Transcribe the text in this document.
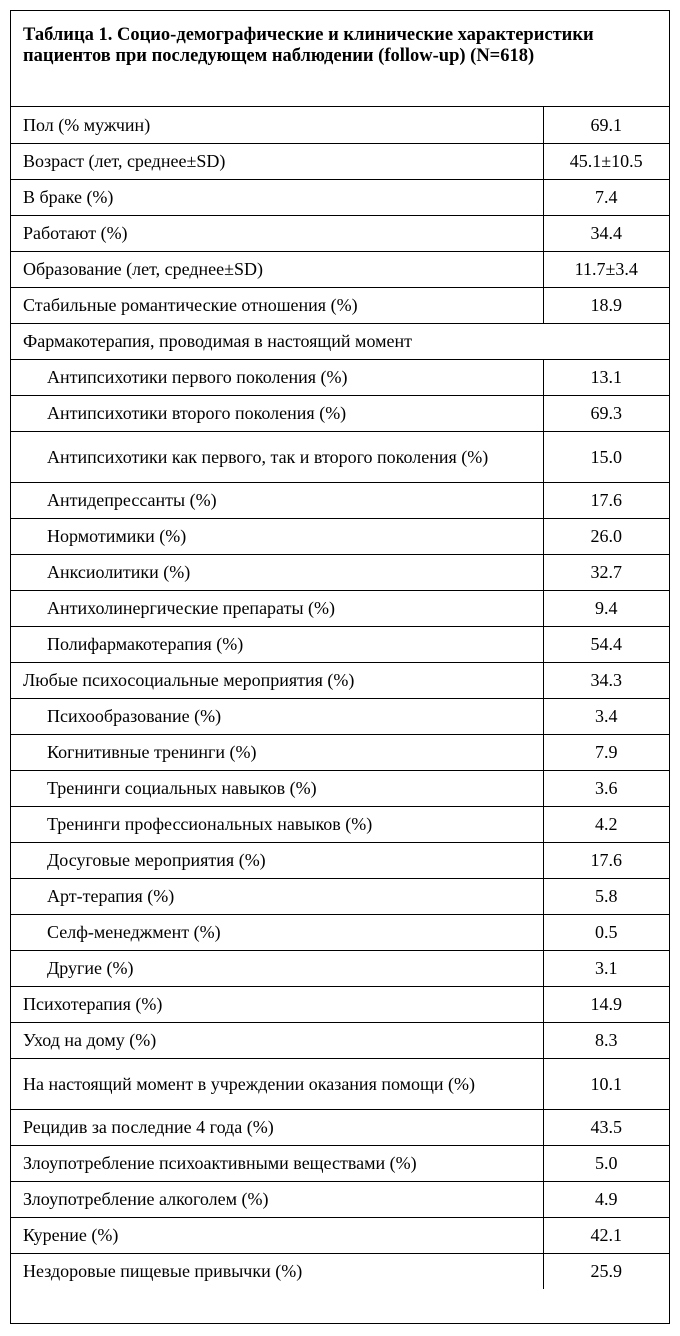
Таблица 1. Социо-демографические и клинические характеристики пациентов при последующем наблюдении (follow-up) (N=618)
Пол (% мужчин)	69.1
Возраст (лет, среднее±SD)	45.1±10.5
В браке (%)	7.4
Работают (%)	34.4
Образование (лет, среднее±SD)	11.7±3.4
Стабильные романтические отношения (%)	18.9
Фармакотерапия, проводимая в настоящий момент	
Антипсихотики первого поколения (%)	13.1
Антипсихотики второго поколения (%)	69.3
Антипсихотики как первого, так и второго поколения (%)	15.0
Антидепрессанты (%)	17.6
Нормотимики (%)	26.0
Анксиолитики (%)	32.7
Антихолинергические препараты (%)	9.4
Полифармакотерапия (%)	54.4
Любые психосоциальные мероприятия (%)	34.3
Психообразование (%)	3.4
Когнитивные тренинги (%)	7.9
Тренинги социальных навыков (%)	3.6
Тренинги профессиональных навыков (%)	4.2
Досуговые мероприятия (%)	17.6
Арт-терапия (%)	5.8
Селф-менеджмент (%)	0.5
Другие (%)	3.1
Психотерапия (%)	14.9
Уход на дому (%)	8.3
На настоящий момент в учреждении оказания помощи (%)	10.1
Рецидив за последние 4 года (%)	43.5
Злоупотребление психоактивными веществами (%)	5.0
Злоупотребление алкоголем (%)	4.9
Курение (%)	42.1
Нездоровые пищевые привычки (%)	25.9
